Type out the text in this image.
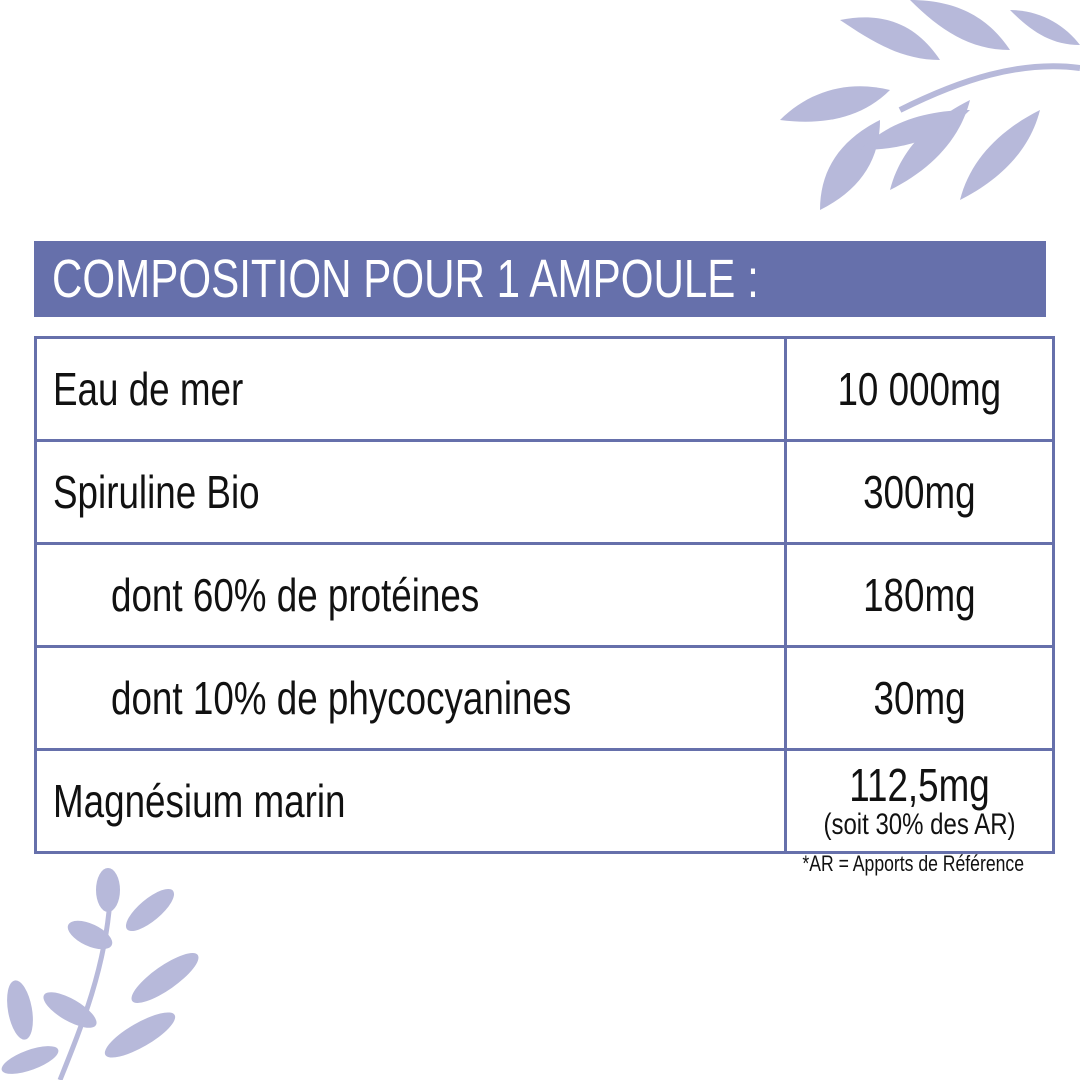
COMPOSITION POUR 1 AMPOULE :
Eau de mer	10 000mg
Spiruline Bio	300mg
dont 60% de protéines	180mg
dont 10% de phycocyanines	30mg
Magnésium marin	112,5mg
(soit 30% des AR)
*AR = Apports de Référence
